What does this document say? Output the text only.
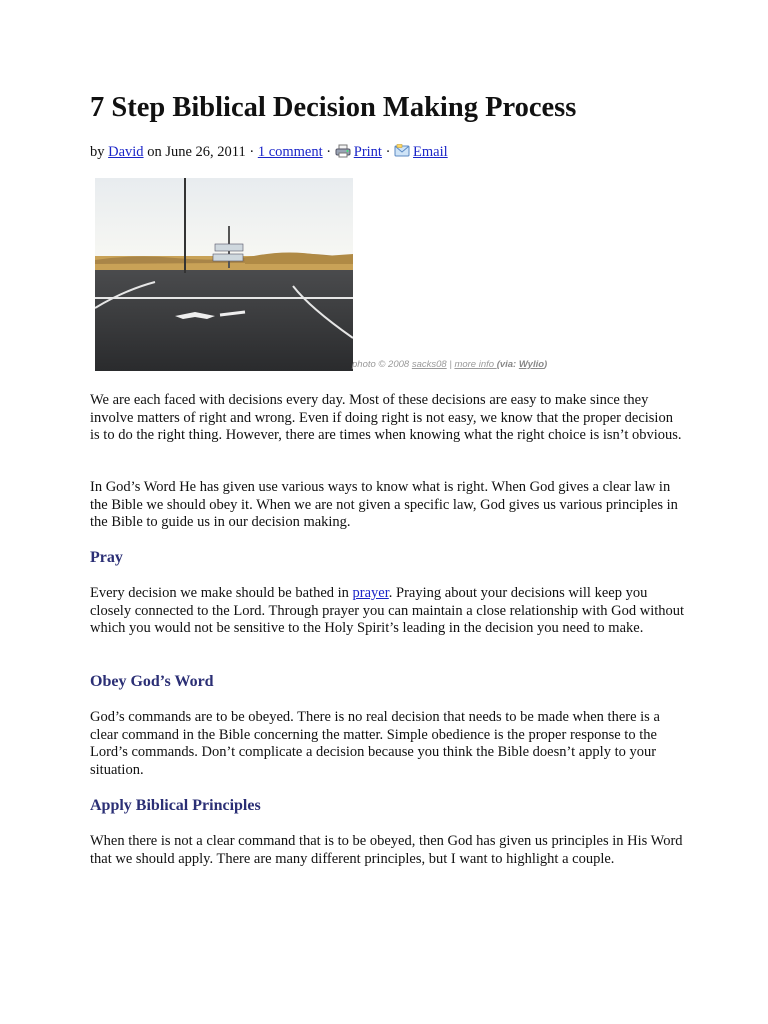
7 Step Biblical Decision Making Process
by David on June 26, 2011 · 1 comment · Print · Email
photo © 2008 sacks08 | more info (via: Wylio)

We are each faced with decisions every day. Most of these decisions are easy to make since they involve matters of right and wrong. Even if doing right is not easy, we know that the proper decision is to do the right thing. However, there are times when knowing what the right choice is isn’t obvious.

In God’s Word He has given use various ways to know what is right. When God gives a clear law in the Bible we should obey it. When we are not given a specific law, God gives us various principles in the Bible to guide us in our decision making.

Pray

Every decision we make should be bathed in prayer. Praying about your decisions will keep you closely connected to the Lord. Through prayer you can maintain a close relationship with God without which you would not be sensitive to the Holy Spirit’s leading in the decision you need to make.

Obey God’s Word

God’s commands are to be obeyed. There is no real decision that needs to be made when there is a clear command in the Bible concerning the matter. Simple obedience is the proper response to the Lord’s commands. Don’t complicate a decision because you think the Bible doesn’t apply to your situation.

Apply Biblical Principles

When there is not a clear command that is to be obeyed, then God has given us principles in His Word that we should apply. There are many different principles, but I want to highlight a couple.
